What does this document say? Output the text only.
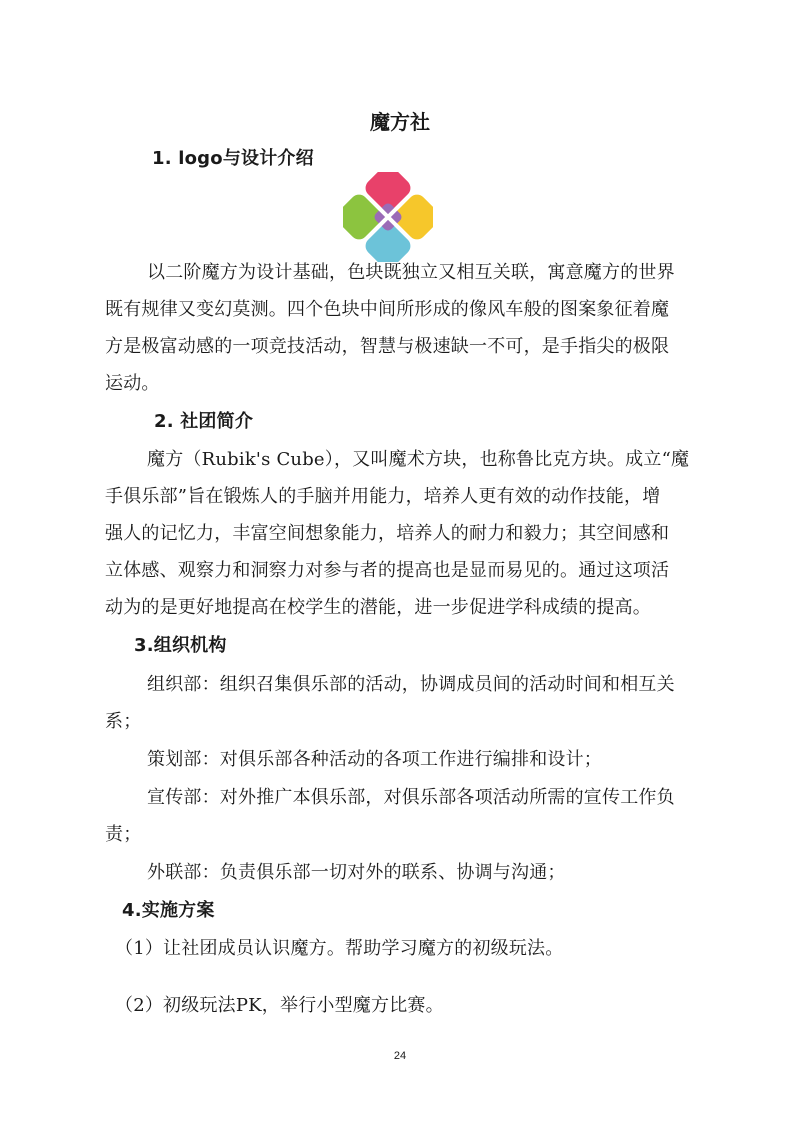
魔方社
1. logo与设计介绍
以二阶魔方为设计基础，色块既独立又相互关联，寓意魔方的世界
既有规律又变幻莫测。四个色块中间所形成的像风车般的图案象征着魔
方是极富动感的一项竞技活动，智慧与极速缺一不可，是手指尖的极限
运动。
2. 社团简介
魔方（Rubik's Cube），又叫魔术方块，也称鲁比克方块。成立“魔
手俱乐部”旨在锻炼人的手脑并用能力，培养人更有效的动作技能，增
强人的记忆力，丰富空间想象能力，培养人的耐力和毅力；其空间感和
立体感、观察力和洞察力对参与者的提高也是显而易见的。通过这项活
动为的是更好地提高在校学生的潜能，进一步促进学科成绩的提高。
3.组织机构
组织部：组织召集俱乐部的活动，协调成员间的活动时间和相互关
系；
策划部：对俱乐部各种活动的各项工作进行编排和设计；
宣传部：对外推广本俱乐部，对俱乐部各项活动所需的宣传工作负
责；
外联部：负责俱乐部一切对外的联系、协调与沟通；
4.实施方案
（1）让社团成员认识魔方。帮助学习魔方的初级玩法。
（2）初级玩法PK，举行小型魔方比赛。
24
